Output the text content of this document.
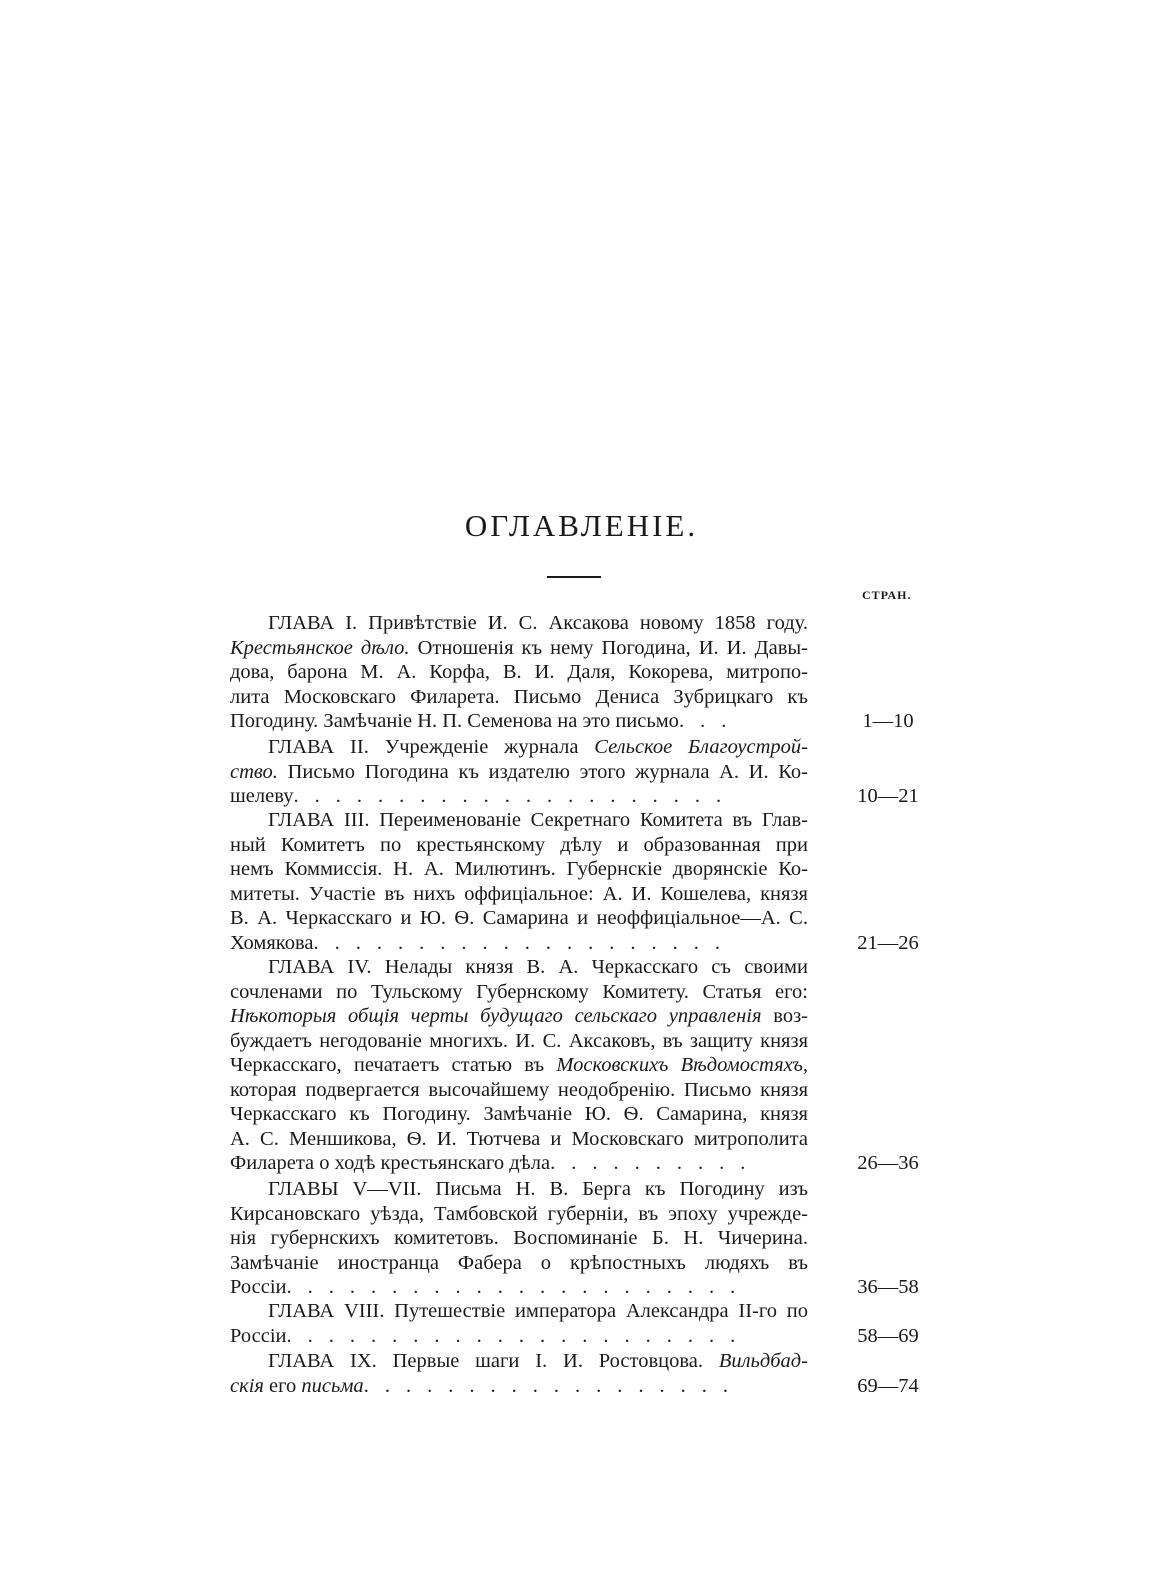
ОГЛАВЛЕНІЕ.
СТРАН.
ГЛАВА I. Привѣтствіе И. С. Аксакова новому 1858 году.
Крестьянское дѣло. Отношенія къ нему Погодина, И. И. Давы-
дова, барона М. А. Корфа, В. И. Даля, Кокорева, митропо-
лита Московскаго Филарета. Письмо Дениса Зубрицкаго къ
Погодину. Замѣчаніе Н. П. Семенова на это письмо...	1—10
ГЛАВА II. Учрежденіе журнала Сельское Благоустрой-
ство. Письмо Погодина къ издателю этого журнала А. И. Ко-
шелеву.....................	10—21
ГЛАВА III. Переименованіе Секретнаго Комитета въ Глав-
ный Комитетъ по крестьянскому дѣлу и образованная при
немъ Коммиссія. Н. А. Милютинъ. Губернскіе дворянскіе Ко-
митеты. Участіе въ нихъ оффиціальное: А. И. Кошелева, князя
В. А. Черкасскаго и Ю. Ѳ. Самарина и неоффиціальное—А. С.
Хомякова....................	21—26
ГЛАВА IV. Нелады князя В. А. Черкасскаго съ своими
сочленами по Тульскому Губернскому Комитету. Статья его:
Нѣкоторыя общія черты будущаго сельскаго управленія воз-
буждаетъ негодованіе многихъ. И. С. Аксаковъ, въ защиту князя
Черкасскаго, печатаетъ статью въ Московскихъ Вѣдомостяхъ,
которая подвергается высочайшему неодобренію. Письмо князя
Черкасскаго къ Погодину. Замѣчаніе Ю. Ѳ. Самарина, князя
А. С. Меншикова, Ѳ. И. Тютчева и Московскаго митрополита
Филарета о ходѣ крестьянскаго дѣла..........	26—36
ГЛАВЫ V—VII. Письма Н. В. Берга къ Погодину изъ
Кирсановскаго уѣзда, Тамбовской губерніи, въ эпоху учрежде-
нія губернскихъ комитетовъ. Воспоминаніе Б. Н. Чичерина.
Замѣчаніе иностранца Фабера о крѣпостныхъ людяхъ въ
Россіи......................	36—58
ГЛАВА VIII. Путешествіе императора Александра II-го по
Россіи......................	58—69
ГЛАВА IX. Первые шаги I. И. Ростовцова. Вильдбад-
скія его письма..................	69—74
